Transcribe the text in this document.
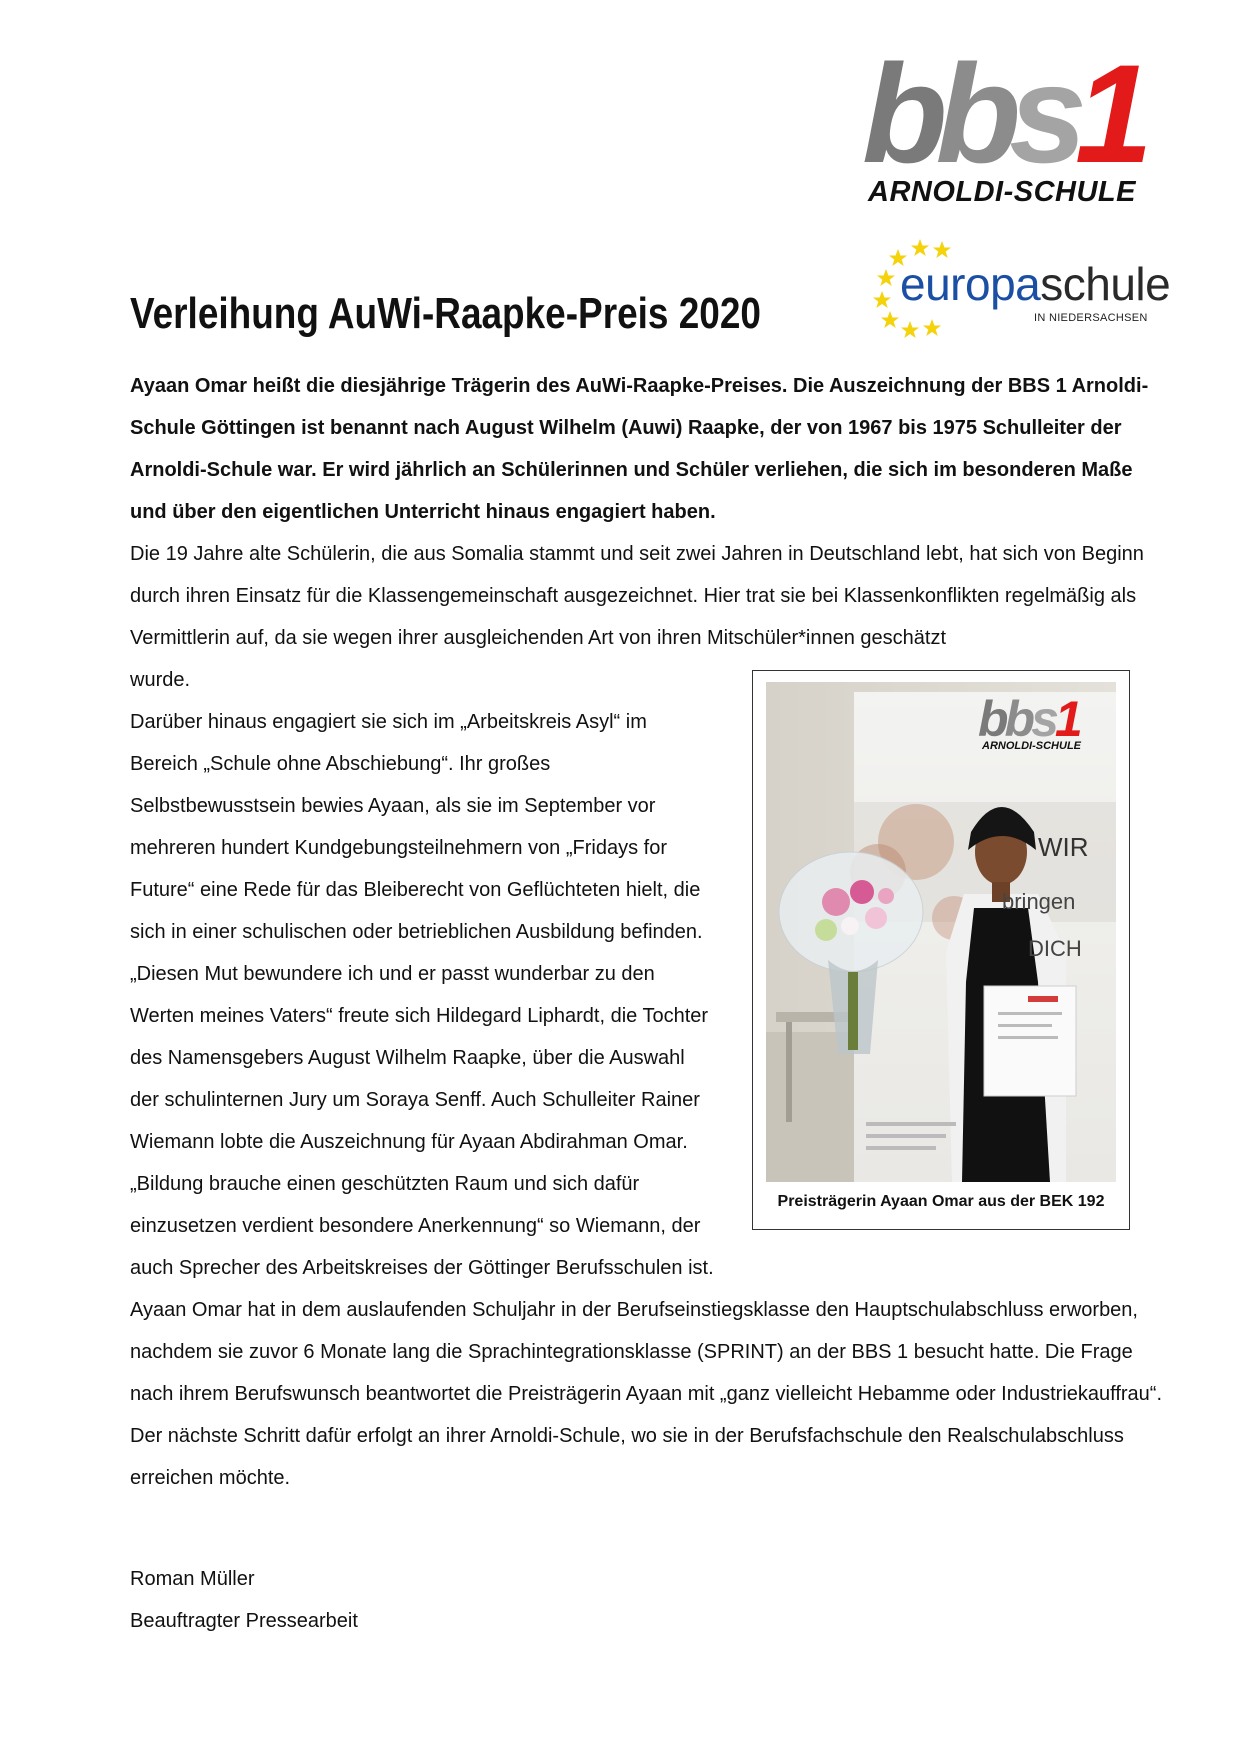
bbs1
ARNOLDI-SCHULE
europaschule
IN NIEDERSACHSEN
Verleihung AuWi-Raapke-Preis 2020

Ayaan Omar heißt die diesjährige Trägerin des AuWi-Raapke-Preises. Die Auszeichnung der BBS 1 Arnoldi-Schule Göttingen ist benannt nach August Wilhelm (Auwi) Raapke, der von 1967 bis 1975 Schulleiter der Arnoldi-Schule war. Er wird jährlich an Schülerinnen und Schüler verliehen, die sich im besonderen Maße und über den eigentlichen Unterricht hinaus engagiert haben.

Die 19 Jahre alte Schülerin, die aus Somalia stammt und seit zwei Jahren in Deutschland lebt, hat sich von Beginn durch ihren Einsatz für die Klassengemeinschaft ausgezeichnet. Hier trat sie bei Klassenkonflikten regelmäßig als Vermittlerin auf, da sie wegen ihrer ausgleichenden Art von ihren Mitschüler*innen geschätzt

wurde.

Darüber hinaus engagiert sie sich im „Arbeitskreis Asyl“ im

Bereich „Schule ohne Abschiebung“. Ihr großes

Selbstbewusstsein bewies Ayaan, als sie im September vor

mehreren hundert Kundgebungsteilnehmern von „Fridays for

Future“ eine Rede für das Bleiberecht von Geflüchteten hielt, die

sich in einer schulischen oder betrieblichen Ausbildung befinden.

„Diesen Mut bewundere ich und er passt wunderbar zu den

Werten meines Vaters“ freute sich Hildegard Liphardt, die Tochter

des Namensgebers August Wilhelm Raapke, über die Auswahl

der schulinternen Jury um Soraya Senff. Auch Schulleiter Rainer

Wiemann lobte die Auszeichnung für Ayaan Abdirahman Omar.

„Bildung brauche einen geschützten Raum und sich dafür

einzusetzen verdient besondere Anerkennung“ so Wiemann, der

auch Sprecher des Arbeitskreises der Göttinger Berufsschulen ist.

Ayaan Omar hat in dem auslaufenden Schuljahr in der Berufseinstiegsklasse den Hauptschulabschluss erworben, nachdem sie zuvor 6 Monate lang die Sprachintegrationsklasse (SPRINT) an der BBS 1 besucht hatte. Die Frage nach ihrem Berufswunsch beantwortet die Preisträgerin Ayaan mit „ganz vielleicht Hebamme oder Industriekauffrau“. Der nächste Schritt dafür erfolgt an ihrer Arnoldi-Schule, wo sie in der Berufsfachschule den Realschulabschluss erreichen möchte.

Roman Müller

Beauftragter Pressearbeit

bbs1
ARNOLDI-SCHULE
WIR
bringen
DICH
Preisträgerin Ayaan Omar aus der BEK 192
